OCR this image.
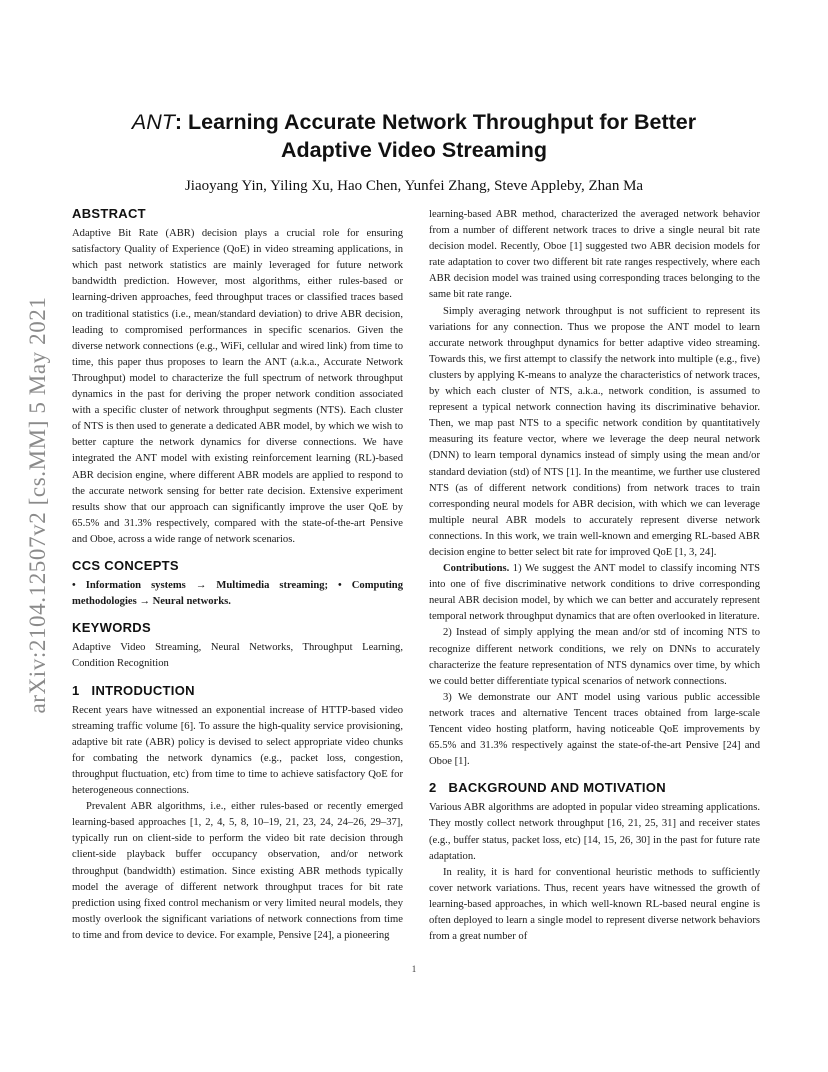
arXiv:2104.12507v2 [cs.MM] 5 May 2021
ANT: Learning Accurate Network Throughput for Better
Adaptive Video Streaming
Jiaoyang Yin, Yiling Xu, Hao Chen, Yunfei Zhang, Steve Appleby, Zhan Ma
ABSTRACT

Adaptive Bit Rate (ABR) decision plays a crucial role for ensuring satisfactory Quality of Experience (QoE) in video streaming applications, in which past network statistics are mainly leveraged for future network bandwidth prediction. However, most algorithms, either rules-based or learning-driven approaches, feed throughput traces or classified traces based on traditional statistics (i.e., mean/standard deviation) to drive ABR decision, leading to compromised performances in specific scenarios. Given the diverse network connections (e.g., WiFi, cellular and wired link) from time to time, this paper thus proposes to learn the ANT (a.k.a., Accurate Network Throughput) model to characterize the full spectrum of network throughput dynamics in the past for deriving the proper network condition associated with a specific cluster of network throughput segments (NTS). Each cluster of NTS is then used to generate a dedicated ABR model, by which we wish to better capture the network dynamics for diverse connections. We have integrated the ANT model with existing reinforcement learning (RL)-based ABR decision engine, where different ABR models are applied to respond to the accurate network sensing for better rate decision. Extensive experiment results show that our approach can significantly improve the user QoE by 65.5% and 31.3% respectively, compared with the state-of-the-art Pensive and Oboe, across a wide range of network scenarios.

CCS CONCEPTS

• Information systems → Multimedia streaming; • Computing methodologies → Neural networks.

KEYWORDS

Adaptive Video Streaming, Neural Networks, Throughput Learning, Condition Recognition

1 INTRODUCTION

Recent years have witnessed an exponential increase of HTTP-based video streaming traffic volume [6]. To assure the high-quality service provisioning, adaptive bit rate (ABR) policy is devised to select appropriate video chunks for combating the network dynamics (e.g., packet loss, congestion, throughput fluctuation, etc) from time to time to achieve satisfactory QoE for heterogeneous connections.

Prevalent ABR algorithms, i.e., either rules-based or recently emerged learning-based approaches [1, 2, 4, 5, 8, 10–19, 21, 23, 24, 24–26, 29–37], typically run on client-side to perform the video bit rate decision through client-side playback buffer occupancy observation, and/or network throughput (bandwidth) estimation. Since existing ABR methods typically model the average of different network throughput traces for bit rate prediction using fixed control mechanism or very limited neural models, they mostly overlook the significant variations of network connections from time to time and from device to device. For example, Pensive [24], a pioneering

learning-based ABR method, characterized the averaged network behavior from a number of different network traces to drive a single neural bit rate decision model. Recently, Oboe [1] suggested two ABR decision models for rate adaptation to cover two different bit rate ranges respectively, where each ABR decision model was trained using corresponding traces belonging to the same bit rate range.

Simply averaging network throughput is not sufficient to represent its variations for any connection. Thus we propose the ANT model to learn accurate network throughput dynamics for better adaptive video streaming. Towards this, we first attempt to classify the network into multiple (e.g., five) clusters by applying K-means to analyze the characteristics of network traces, by which each cluster of NTS, a.k.a., network condition, is assumed to represent a typical network connection having its discriminative behavior. Then, we map past NTS to a specific network condition by quantitatively measuring its feature vector, where we leverage the deep neural network (DNN) to learn temporal dynamics instead of simply using the mean and/or standard deviation (std) of NTS [1]. In the meantime, we further use clustered NTS (as of different network conditions) from network traces to train corresponding neural models for ABR decision, with which we can leverage multiple neural ABR models to accurately represent diverse network connections. In this work, we train well-known and emerging RL-based ABR decision engine to better select bit rate for improved QoE [1, 3, 24].

Contributions. 1) We suggest the ANT model to classify incoming NTS into one of five discriminative network conditions to drive corresponding neural ABR decision model, by which we can better and accurately represent temporal network throughput dynamics that are often overlooked in literature.

2) Instead of simply applying the mean and/or std of incoming NTS to recognize different network conditions, we rely on DNNs to accurately characterize the feature representation of NTS dynamics over time, by which we could better differentiate typical scenarios of network connections.

3) We demonstrate our ANT model using various public accessible network traces and alternative Tencent traces obtained from large-scale Tencent video hosting platform, having noticeable QoE improvements by 65.5% and 31.3% respectively against the state-of-the-art Pensive [24] and Oboe [1].

2 BACKGROUND AND MOTIVATION

Various ABR algorithms are adopted in popular video streaming applications. They mostly collect network throughput [16, 21, 25, 31] and receiver states (e.g., buffer status, packet loss, etc) [14, 15, 26, 30] in the past for future rate adaptation.

In reality, it is hard for conventional heuristic methods to sufficiently cover network variations. Thus, recent years have witnessed the growth of learning-based approaches, in which well-known RL-based neural engine is often deployed to learn a single model to represent diverse network behaviors from a great number of

1
